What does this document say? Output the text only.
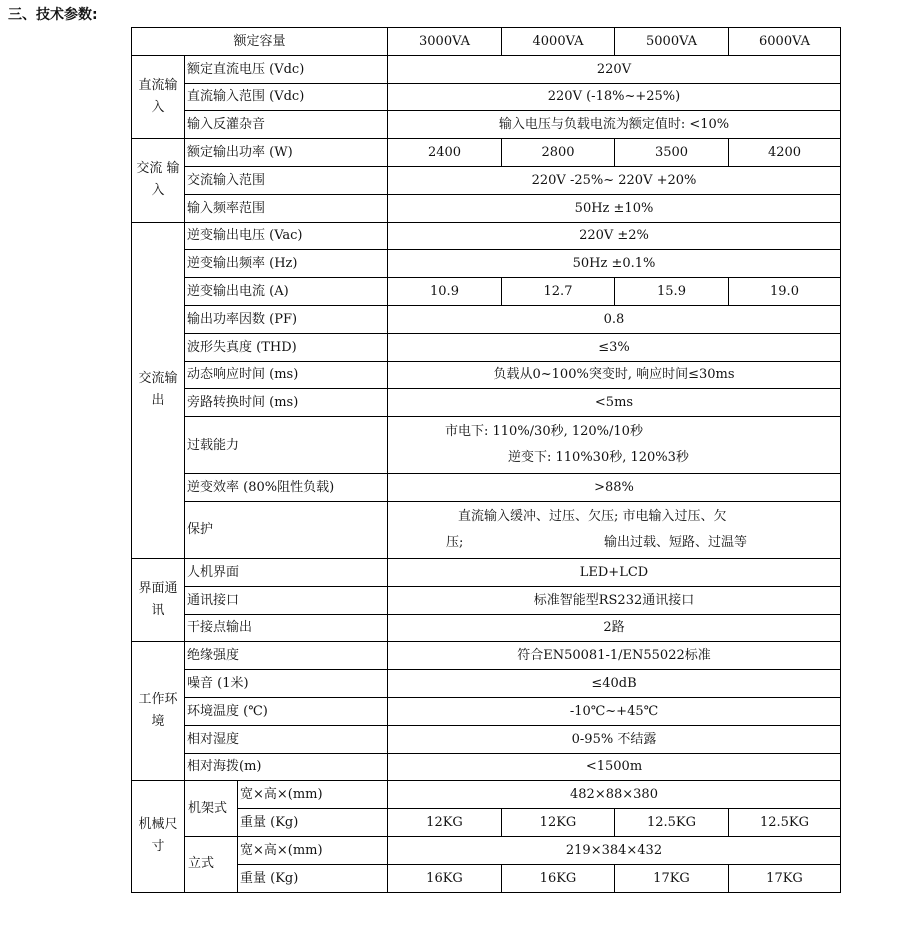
三、技术参数:
额定容量			3000VA	4000VA	5000VA	6000VA
直流输入	额定直流电压 (Vdc)		220V			
	直流输入范围 (Vdc)		220V (-18%~+25%)			
	输入反灌杂音		输入电压与负载电流为额定值时: <10%			
交流 输入	额定输出功率 (W)		2400	2800	3500	4200
	交流输入范围		220V -25%~ 220V +20%			
	输入频率范围		50Hz ±10%			
交流输出	逆变输出电压 (Vac)		220V ±2%			
	逆变输出频率 (Hz)		50Hz ±0.1%			
	逆变输出电流 (A)		10.9	12.7	15.9	19.0
	输出功率因数 (PF)		0.8			
	波形失真度 (THD)		≤3%			
	动态响应时间 (ms)		负载从0~100%突变时, 响应时间≤30ms			
	旁路转换时间 (ms)		<5ms			
	过载能力		市电下: 110%/30秒, 120%/10秒
逆变下: 110%30秒, 120%3秒			

	逆变效率 (80%阻性负载)		>88%			
	保护		直流输入缓冲、过压、欠压; 市电输入过压、欠
压; 输出过载、短路、过温等			

界面通讯	人机界面		LED+LCD			
	通讯接口		标准智能型RS232通讯接口			
	干接点输出		2路			
工作环境	绝缘强度		符合EN50081-1/EN55022标准			
	噪音 (1米)		≤40dB			
	环境温度 (℃)		-10℃~+45℃			
	相对湿度		0-95% 不结露			
	相对海拨(m)		<1500m			
机械尺寸	机架式	宽×高×(mm)	482×88×380			
		重量 (Kg)	12KG	12KG	12.5KG	12.5KG
	立式	宽×高×(mm)	219×384×432			
		重量 (Kg)	16KG	16KG	17KG	17KG
